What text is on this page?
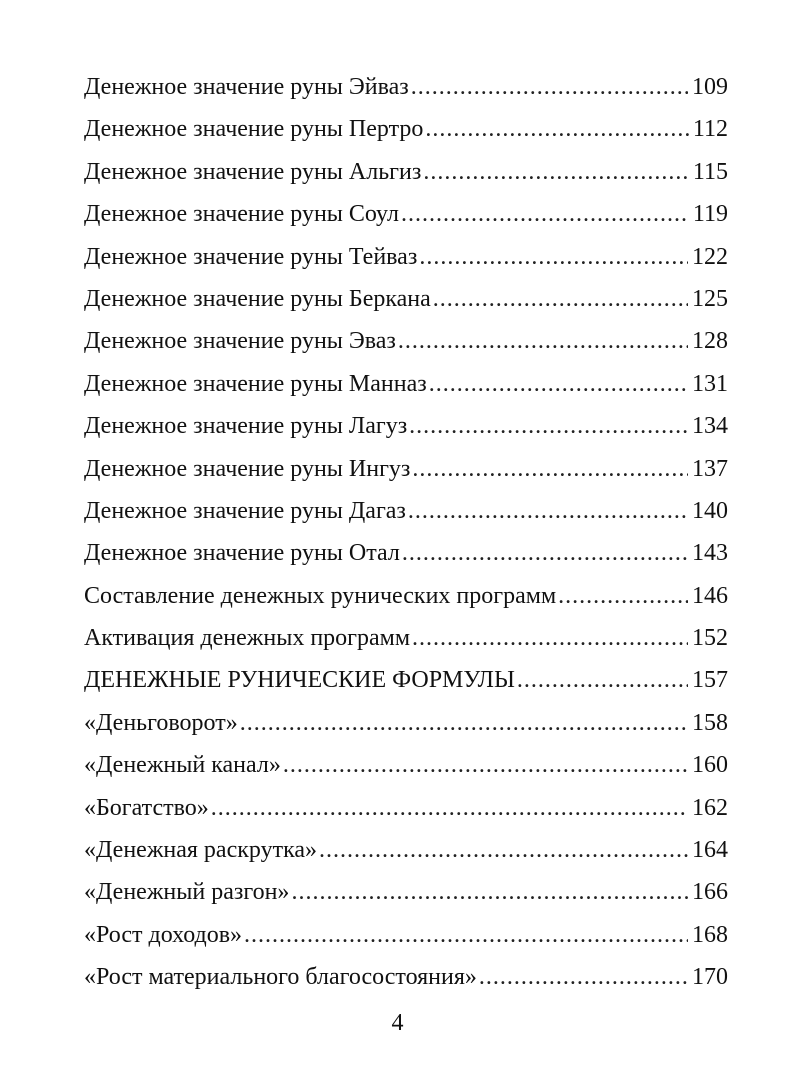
Денежное значение руны Эйваз .....	109
Денежное значение руны Пертро .....	112
Денежное значение руны Альгиз .....	115
Денежное значение руны Соул .....	119
Денежное значение руны Тейваз .....	122
Денежное значение руны Беркана .....	125
Денежное значение руны Эваз .....	128
Денежное значение руны Манназ .....	131
Денежное значение руны Лагуз .....	134
Денежное значение руны Ингуз .....	137
Денежное значение руны Дагаз .....	140
Денежное значение руны Отал .....	143
Составление денежных рунических программ .....	146
Активация денежных программ .....	152
ДЕНЕЖНЫЕ РУНИЧЕСКИЕ ФОРМУЛЫ .....	157
«Деньговорот» .....	158
«Денежный канал» .....	160
«Богатство» .....	162
«Денежная раскрутка» .....	164
«Денежный разгон» .....	166
«Рост доходов» .....	168
«Рост материального благосостояния» .....	170
4
